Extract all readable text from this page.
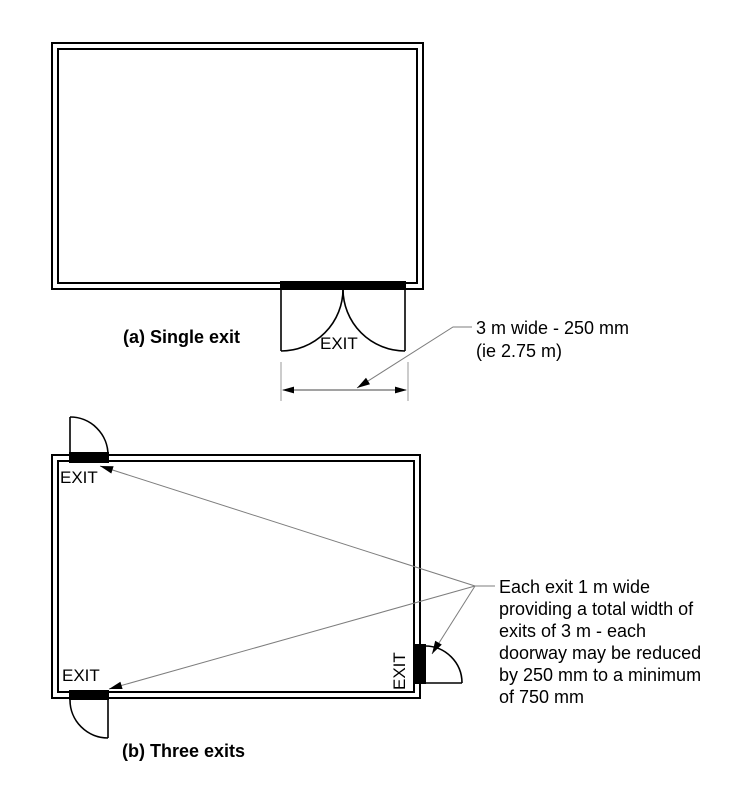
EXIT
(a) Single exit	3 m wide - 250 mm
(ie 2.75 m)
EXIT
EXIT	EXIT
Each exit 1 m wide
providing a total width of
exits of 3 m - each
doorway may be reduced
by 250 mm to a minimum
of 750 mm
(b) Three exits
